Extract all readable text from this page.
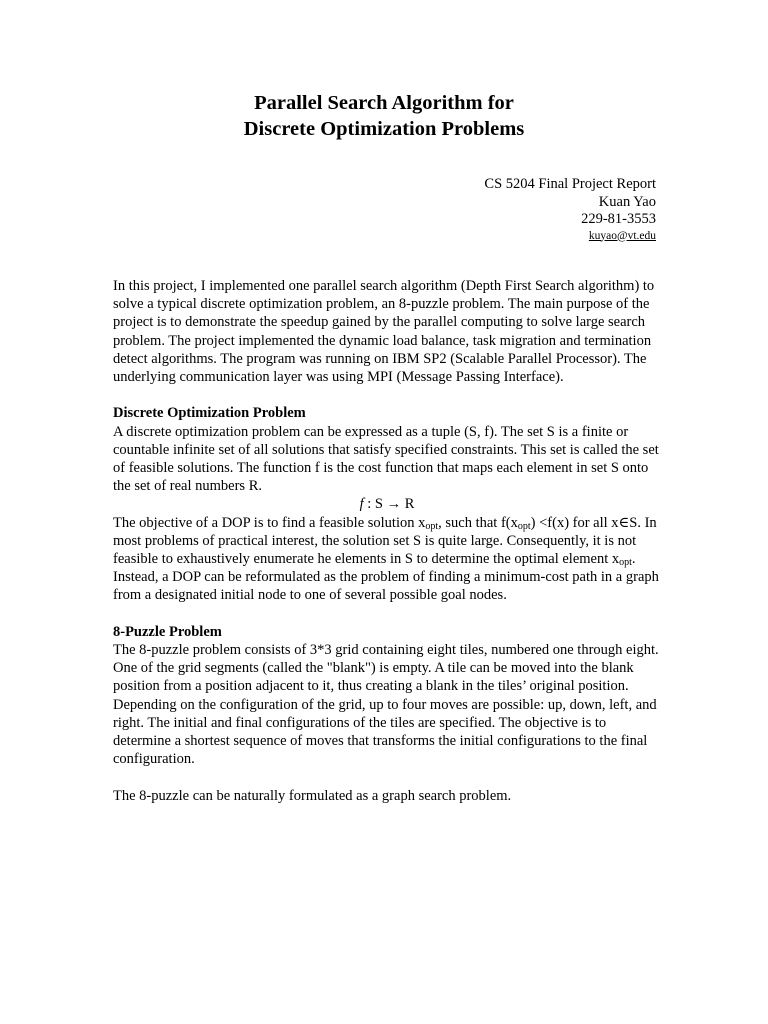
Parallel Search Algorithm for
Discrete Optimization Problems
CS 5204 Final Project Report
Kuan Yao
229-81-3553
kuyao@vt.edu

In this project, I implemented one parallel search algorithm (Depth First Search algorithm) to solve a typical discrete optimization problem, an 8-puzzle problem. The main purpose of the project is to demonstrate the speedup gained by the parallel computing to solve large search problem. The project implemented the dynamic load balance, task migration and termination detect algorithms. The program was running on IBM SP2 (Scalable Parallel Processor). The underlying communication layer was using MPI (Message Passing Interface).

Discrete Optimization Problem

A discrete optimization problem can be expressed as a tuple (S, f). The set S is a finite or countable infinite set of all solutions that satisfy specified constraints. This set is called the set of feasible solutions. The function f is the cost function that maps each element in set S onto the set of real numbers R.

f : S → R

The objective of a DOP is to find a feasible solution $x_{opt}$, such that $f(x_{opt}) <f(x)$ for all x∈S. In most problems of practical interest, the solution set S is quite large. Consequently, it is not feasible to exhaustively enumerate he elements in S to determine the optimal element $x_{opt}$. Instead, a DOP can be reformulated as the problem of finding a minimum-cost path in a graph from a designated initial node to one of several possible goal nodes.

8-Puzzle Problem

The 8-puzzle problem consists of 3*3 grid containing eight tiles, numbered one through eight. One of the grid segments (called the "blank") is empty. A tile can be moved into the blank position from a position adjacent to it, thus creating a blank in the tiles’ original position. Depending on the configuration of the grid, up to four moves are possible: up, down, left, and right. The initial and final configurations of the tiles are specified. The objective is to determine a shortest sequence of moves that transforms the initial configurations to the final configuration.

The 8-puzzle can be naturally formulated as a graph search problem.
